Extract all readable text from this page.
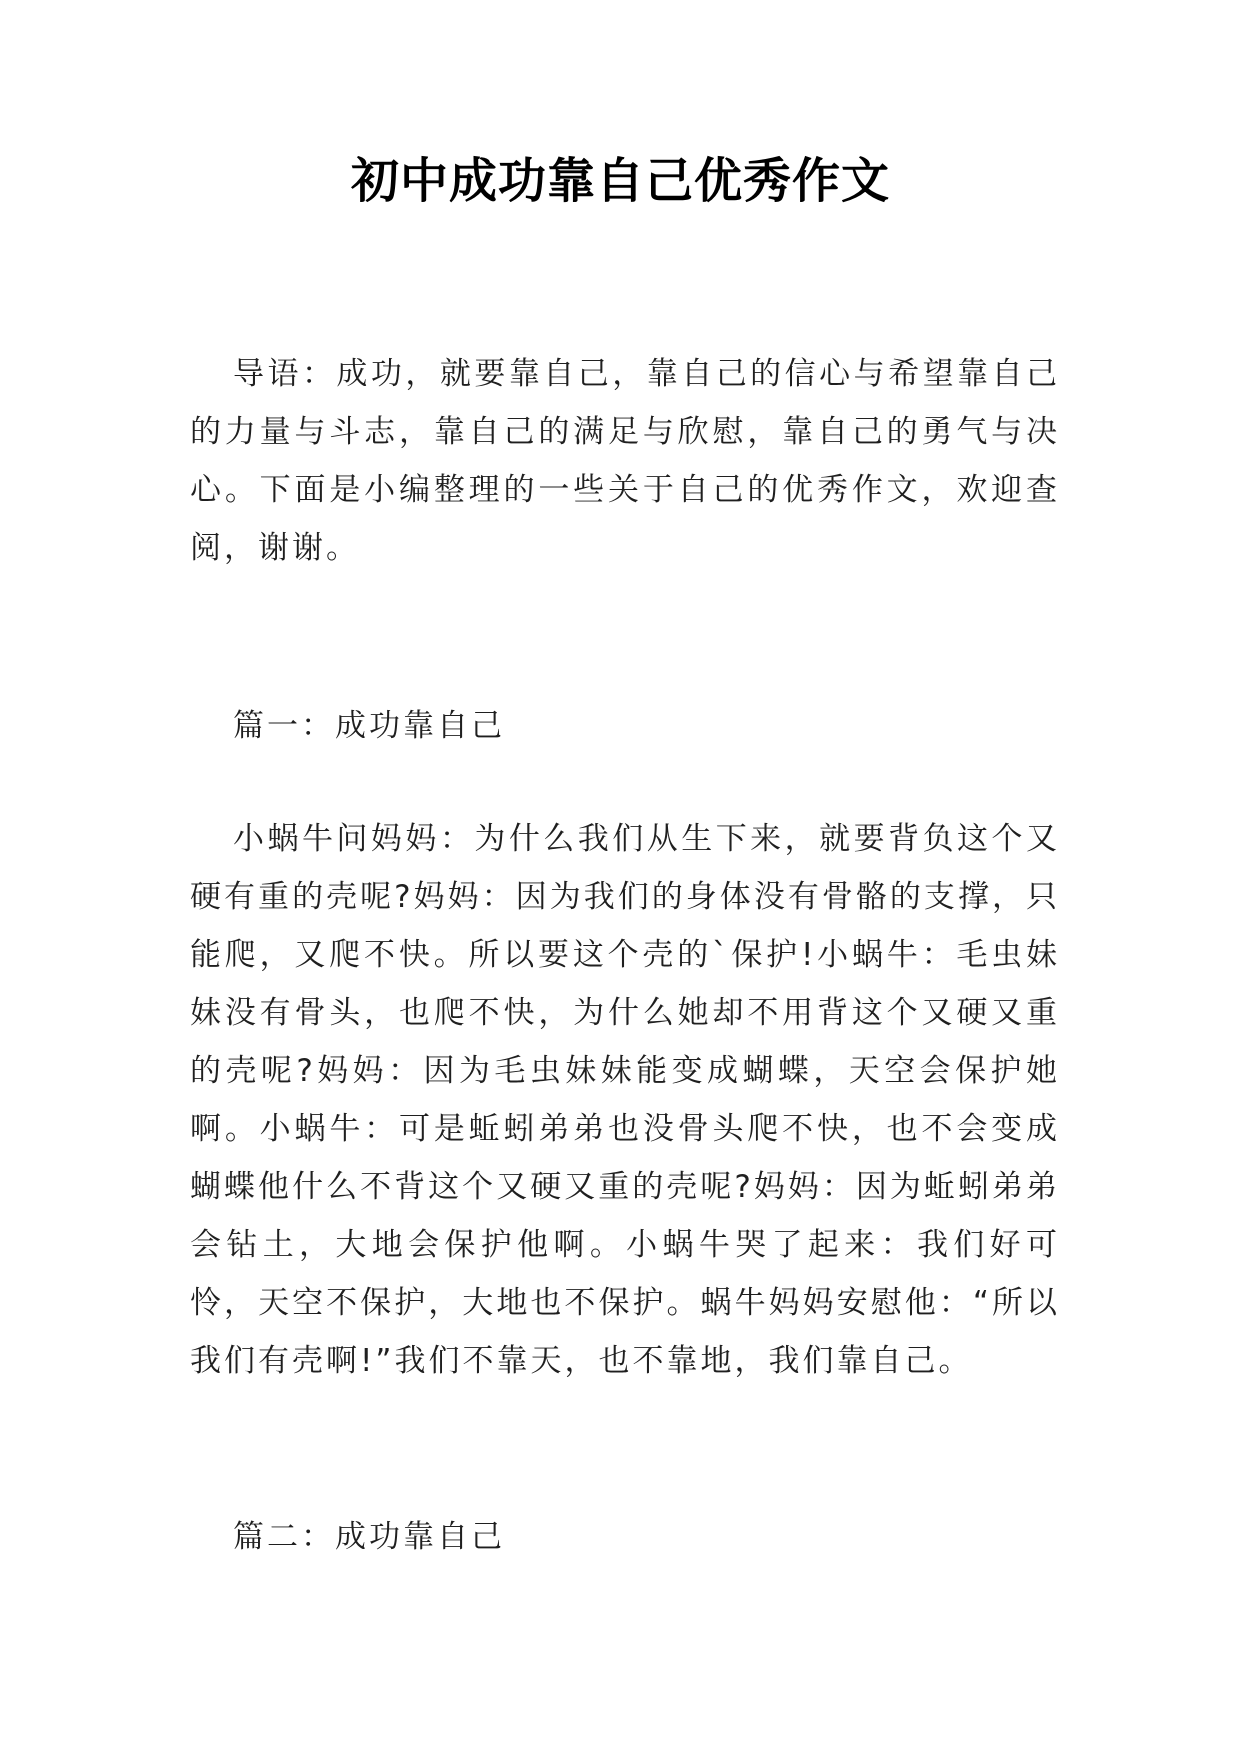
初中成功靠自己优秀作文

导语：成功，就要靠自己，靠自己的信心与希望靠自己的力量与斗志，靠自己的满足与欣慰，靠自己的勇气与决心。下面是小编整理的一些关于自己的优秀作文，欢迎查阅，谢谢。

篇一：成功靠自己

小蜗牛问妈妈：为什么我们从生下来，就要背负这个又硬有重的壳呢?妈妈：因为我们的身体没有骨骼的支撑，只能爬，又爬不快。所以要这个壳的`保护!小蜗牛：毛虫妹妹没有骨头，也爬不快，为什么她却不用背这个又硬又重的壳呢?妈妈：因为毛虫妹妹能变成蝴蝶，天空会保护她啊。小蜗牛：可是蚯蚓弟弟也没骨头爬不快，也不会变成蝴蝶他什么不背这个又硬又重的壳呢?妈妈：因为蚯蚓弟弟会钻土，大地会保护他啊。小蜗牛哭了起来：我们好可怜，天空不保护，大地也不保护。蜗牛妈妈安慰他：“所以我们有壳啊!”我们不靠天，也不靠地，我们靠自己。

篇二：成功靠自己
